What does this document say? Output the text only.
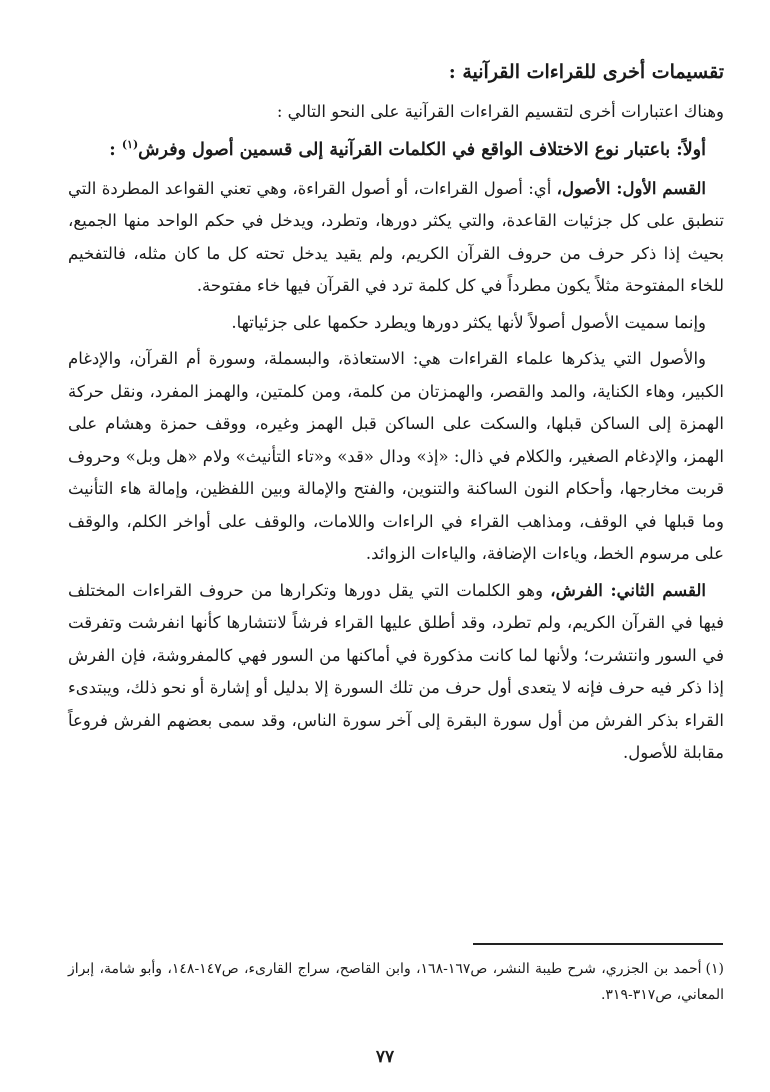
تقسيمات أخرى للقراءات القرآنية :

وهناك اعتبارات أخرى لتقسيم القراءات القرآنية على النحو التالي :

أولاً: باعتبار نوع الاختلاف الواقع في الكلمات القرآنية إلى قسمين أصول وفرش$^{(١)}$ :

القسم الأول: الأصول، أي: أصول القراءات، أو أصول القراءة، وهي تعني القواعد المطردة التي تنطبق على كل جزئيات القاعدة، والتي يكثر دورها، وتطرد، ويدخل في حكم الواحد منها الجميع، بحيث إذا ذكر حرف من حروف القرآن الكريم، ولم يقيد يدخل تحته كل ما كان مثله، فالتفخيم للخاء المفتوحة مثلاً يكون مطرداً في كل كلمة ترد في القرآن فيها خاء مفتوحة.

وإنما سميت الأصول أصولاً لأنها يكثر دورها ويطرد حكمها على جزئياتها.

والأصول التي يذكرها علماء القراءات هي: الاستعاذة، والبسملة، وسورة أم القرآن، والإدغام الكبير، وهاء الكناية، والمد والقصر، والهمزتان من كلمة، ومن كلمتين، والهمز المفرد، ونقل حركة الهمزة إلى الساكن قبلها، والسكت على الساكن قبل الهمز وغيره، ووقف حمزة وهشام على الهمز، والإدغام الصغير، والكلام في ذال: «إذ» ودال «قد» و«تاء التأنيث» ولام «هل وبل» وحروف قربت مخارجها، وأحكام النون الساكنة والتنوين، والفتح والإمالة وبين اللفظين، وإمالة هاء التأنيث وما قبلها في الوقف، ومذاهب القراء في الراءات واللامات، والوقف على أواخر الكلم، والوقف على مرسوم الخط، وياءات الإضافة، والياءات الزوائد.

القسم الثاني: الفرش، وهو الكلمات التي يقل دورها وتكرارها من حروف القراءات المختلف فيها في القرآن الكريم، ولم تطرد، وقد أطلق عليها القراء فرشاً لانتشارها كأنها انفرشت وتفرقت في السور وانتشرت؛ ولأنها لما كانت مذكورة في أماكنها من السور فهي كالمفروشة، فإن الفرش إذا ذكر فيه حرف فإنه لا يتعدى أول حرف من تلك السورة إلا بدليل أو إشارة أو نحو ذلك، ويبتدىء القراء بذكر الفرش من أول سورة البقرة إلى آخر سورة الناس، وقد سمى بعضهم الفرش فروعاً مقابلة للأصول.

(١)أحمد بن الجزري، شرح طيبة النشر، ص١٦٧-١٦٨، وابن القاصح، سراج القارىء، ص١٤٧-١٤٨، وأبو شامة، إبراز المعاني، ص٣١٧-٣١٩.
٧٧
